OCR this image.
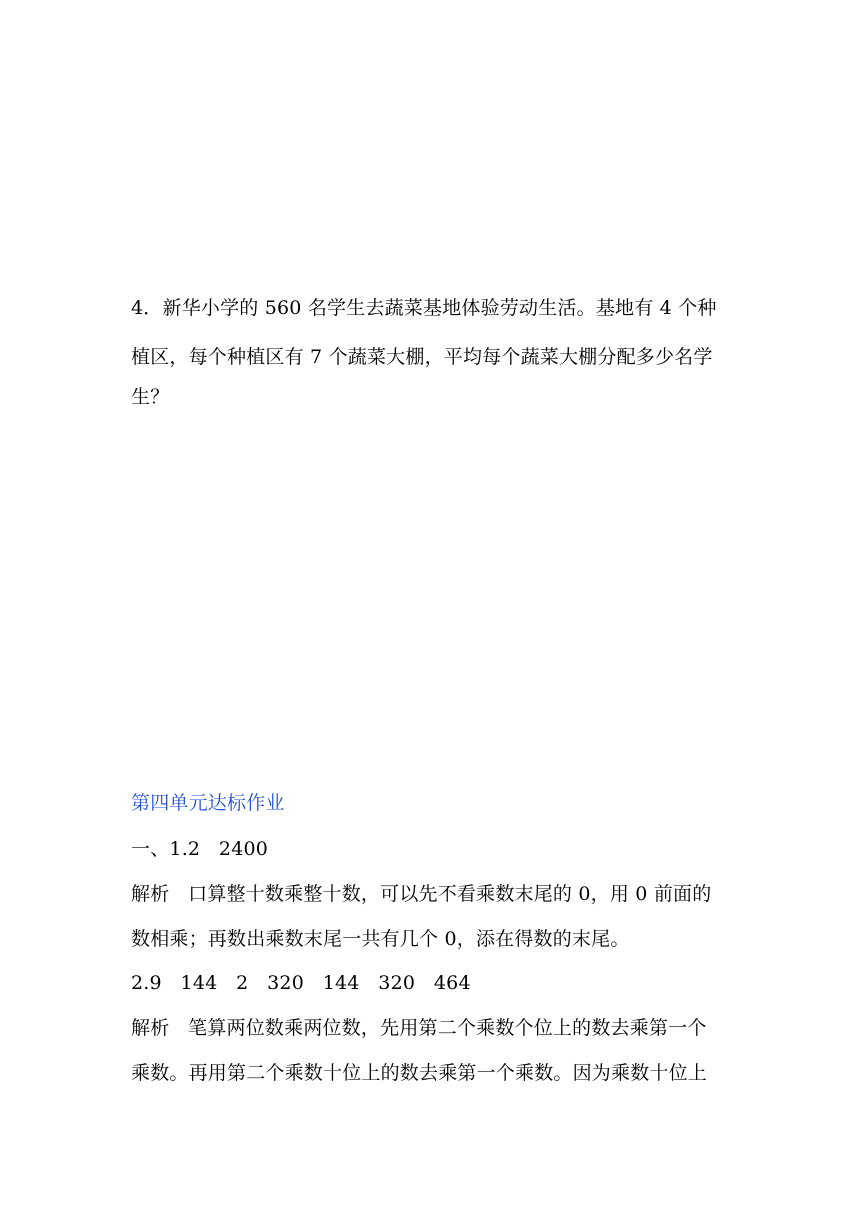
4．新华小学的 560 名学生去蔬菜基地体验劳动生活。基地有 4 个种
植区，每个种植区有 7 个蔬菜大棚，平均每个蔬菜大棚分配多少名学
生？
第四单元达标作业
一、1.2   2400
解析   口算整十数乘整十数，可以先不看乘数末尾的 0，用 0 前面的
数相乘；再数出乘数末尾一共有几个 0，添在得数的末尾。
2.9   144   2   320   144   320   464
解析   笔算两位数乘两位数，先用第二个乘数个位上的数去乘第一个
乘数。再用第二个乘数十位上的数去乘第一个乘数。因为乘数十位上
